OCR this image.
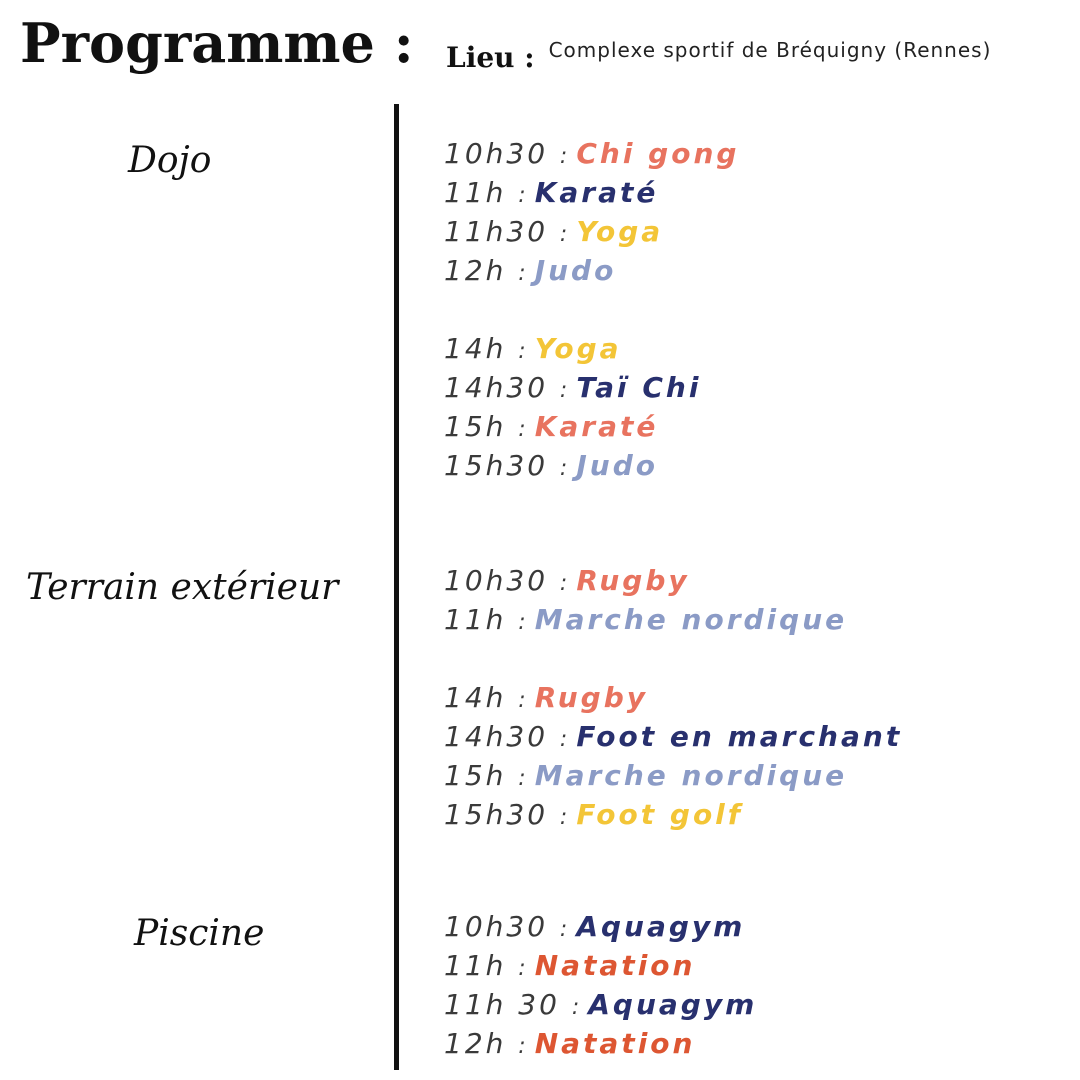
Programme : Lieu : Complexe sportif de Bréquigny (Rennes)
Dojo	10h30 : Chi gong
11h : Karaté
11h30 : Yoga
12h : Judo
14h : Yoga
14h30 : Taï Chi
15h : Karaté
15h30 : Judo
Terrain extérieur	10h30 : Rugby
11h : Marche nordique
14h : Rugby
14h30 : Foot en marchant
15h : Marche nordique
15h30 : Foot golf
Piscine	10h30 : Aquagym
11h : Natation
11h 30 : Aquagym
12h : Natation
